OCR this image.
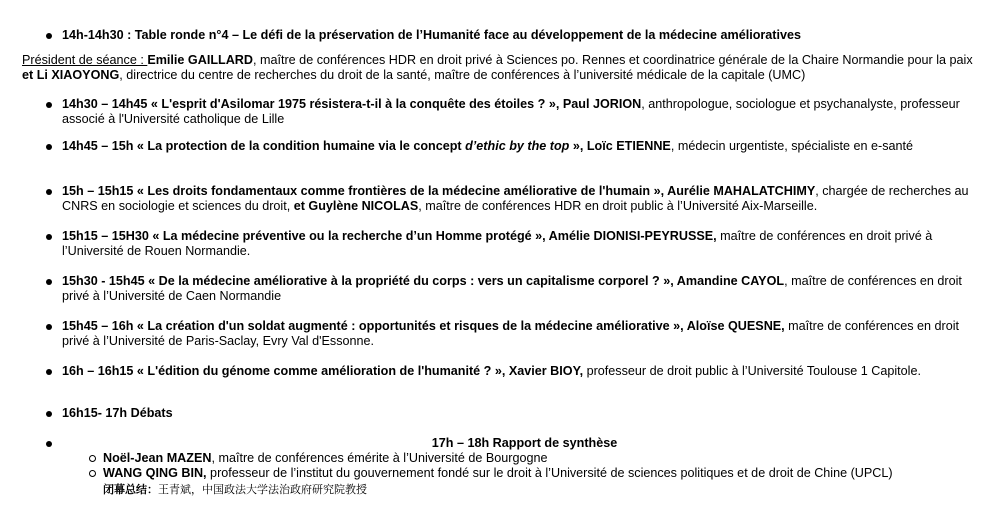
14h-14h30 : Table ronde n°4 – Le défi de la préservation de l’Humanité face au développement de la médecine amélioratives
Président de séance : Emilie GAILLARD, maître de conférences HDR en droit privé à Sciences po. Rennes et coordinatrice générale de la Chaire Normandie pour la paix et Li XIAOYONG, directrice du centre de recherches du droit de la santé, maître de conférences à l’université médicale de la capitale (UMC)
14h30 – 14h45 « L'esprit d'Asilomar 1975 résistera-t-il à la conquête des étoiles ? », Paul JORION, anthropologue, sociologue et psychanalyste, professeur associé à l'Université catholique de Lille
14h45 – 15h « La protection de la condition humaine via le concept d’ethic by the top », Loïc ETIENNE, médecin urgentiste, spécialiste en e-santé
15h – 15h15 « Les droits fondamentaux comme frontières de la médecine améliorative de l'humain », Aurélie MAHALATCHIMY, chargée de recherches au CNRS en sociologie et sciences du droit, et Guylène NICOLAS, maître de conférences HDR en droit public à l’Université Aix-Marseille.
15h15 – 15H30 « La médecine préventive ou la recherche d’un Homme protégé », Amélie DIONISI-PEYRUSSE, maître de conférences en droit privé à l’Université de Rouen Normandie.
15h30 - 15h45 « De la médecine améliorative à la propriété du corps : vers un capitalisme corporel ? », Amandine CAYOL, maître de conférences en droit privé à l’Université de Caen Normandie
15h45 – 16h « La création d'un soldat augmenté : opportunités et risques de la médecine améliorative », Aloïse QUESNE, maître de conférences en droit privé à l’Université de Paris-Saclay, Evry Val d'Essonne.
16h – 16h15 « L'édition du génome comme amélioration de l'humanité ? », Xavier BIOY, professeur de droit public à l’Université Toulouse 1 Capitole.
16h15- 17h Débats
17h – 18h Rapport de synthèse
Noël-Jean MAZEN, maître de conférences émérite à l’Université de Bourgogne
WANG QING BIN, professeur de l’institut du gouvernement fondé sur le droit à l’Université de sciences politiques et de droit de Chine (UPCL)
闭幕总结：王青斌，中国政法大学法治政府研究院教授
